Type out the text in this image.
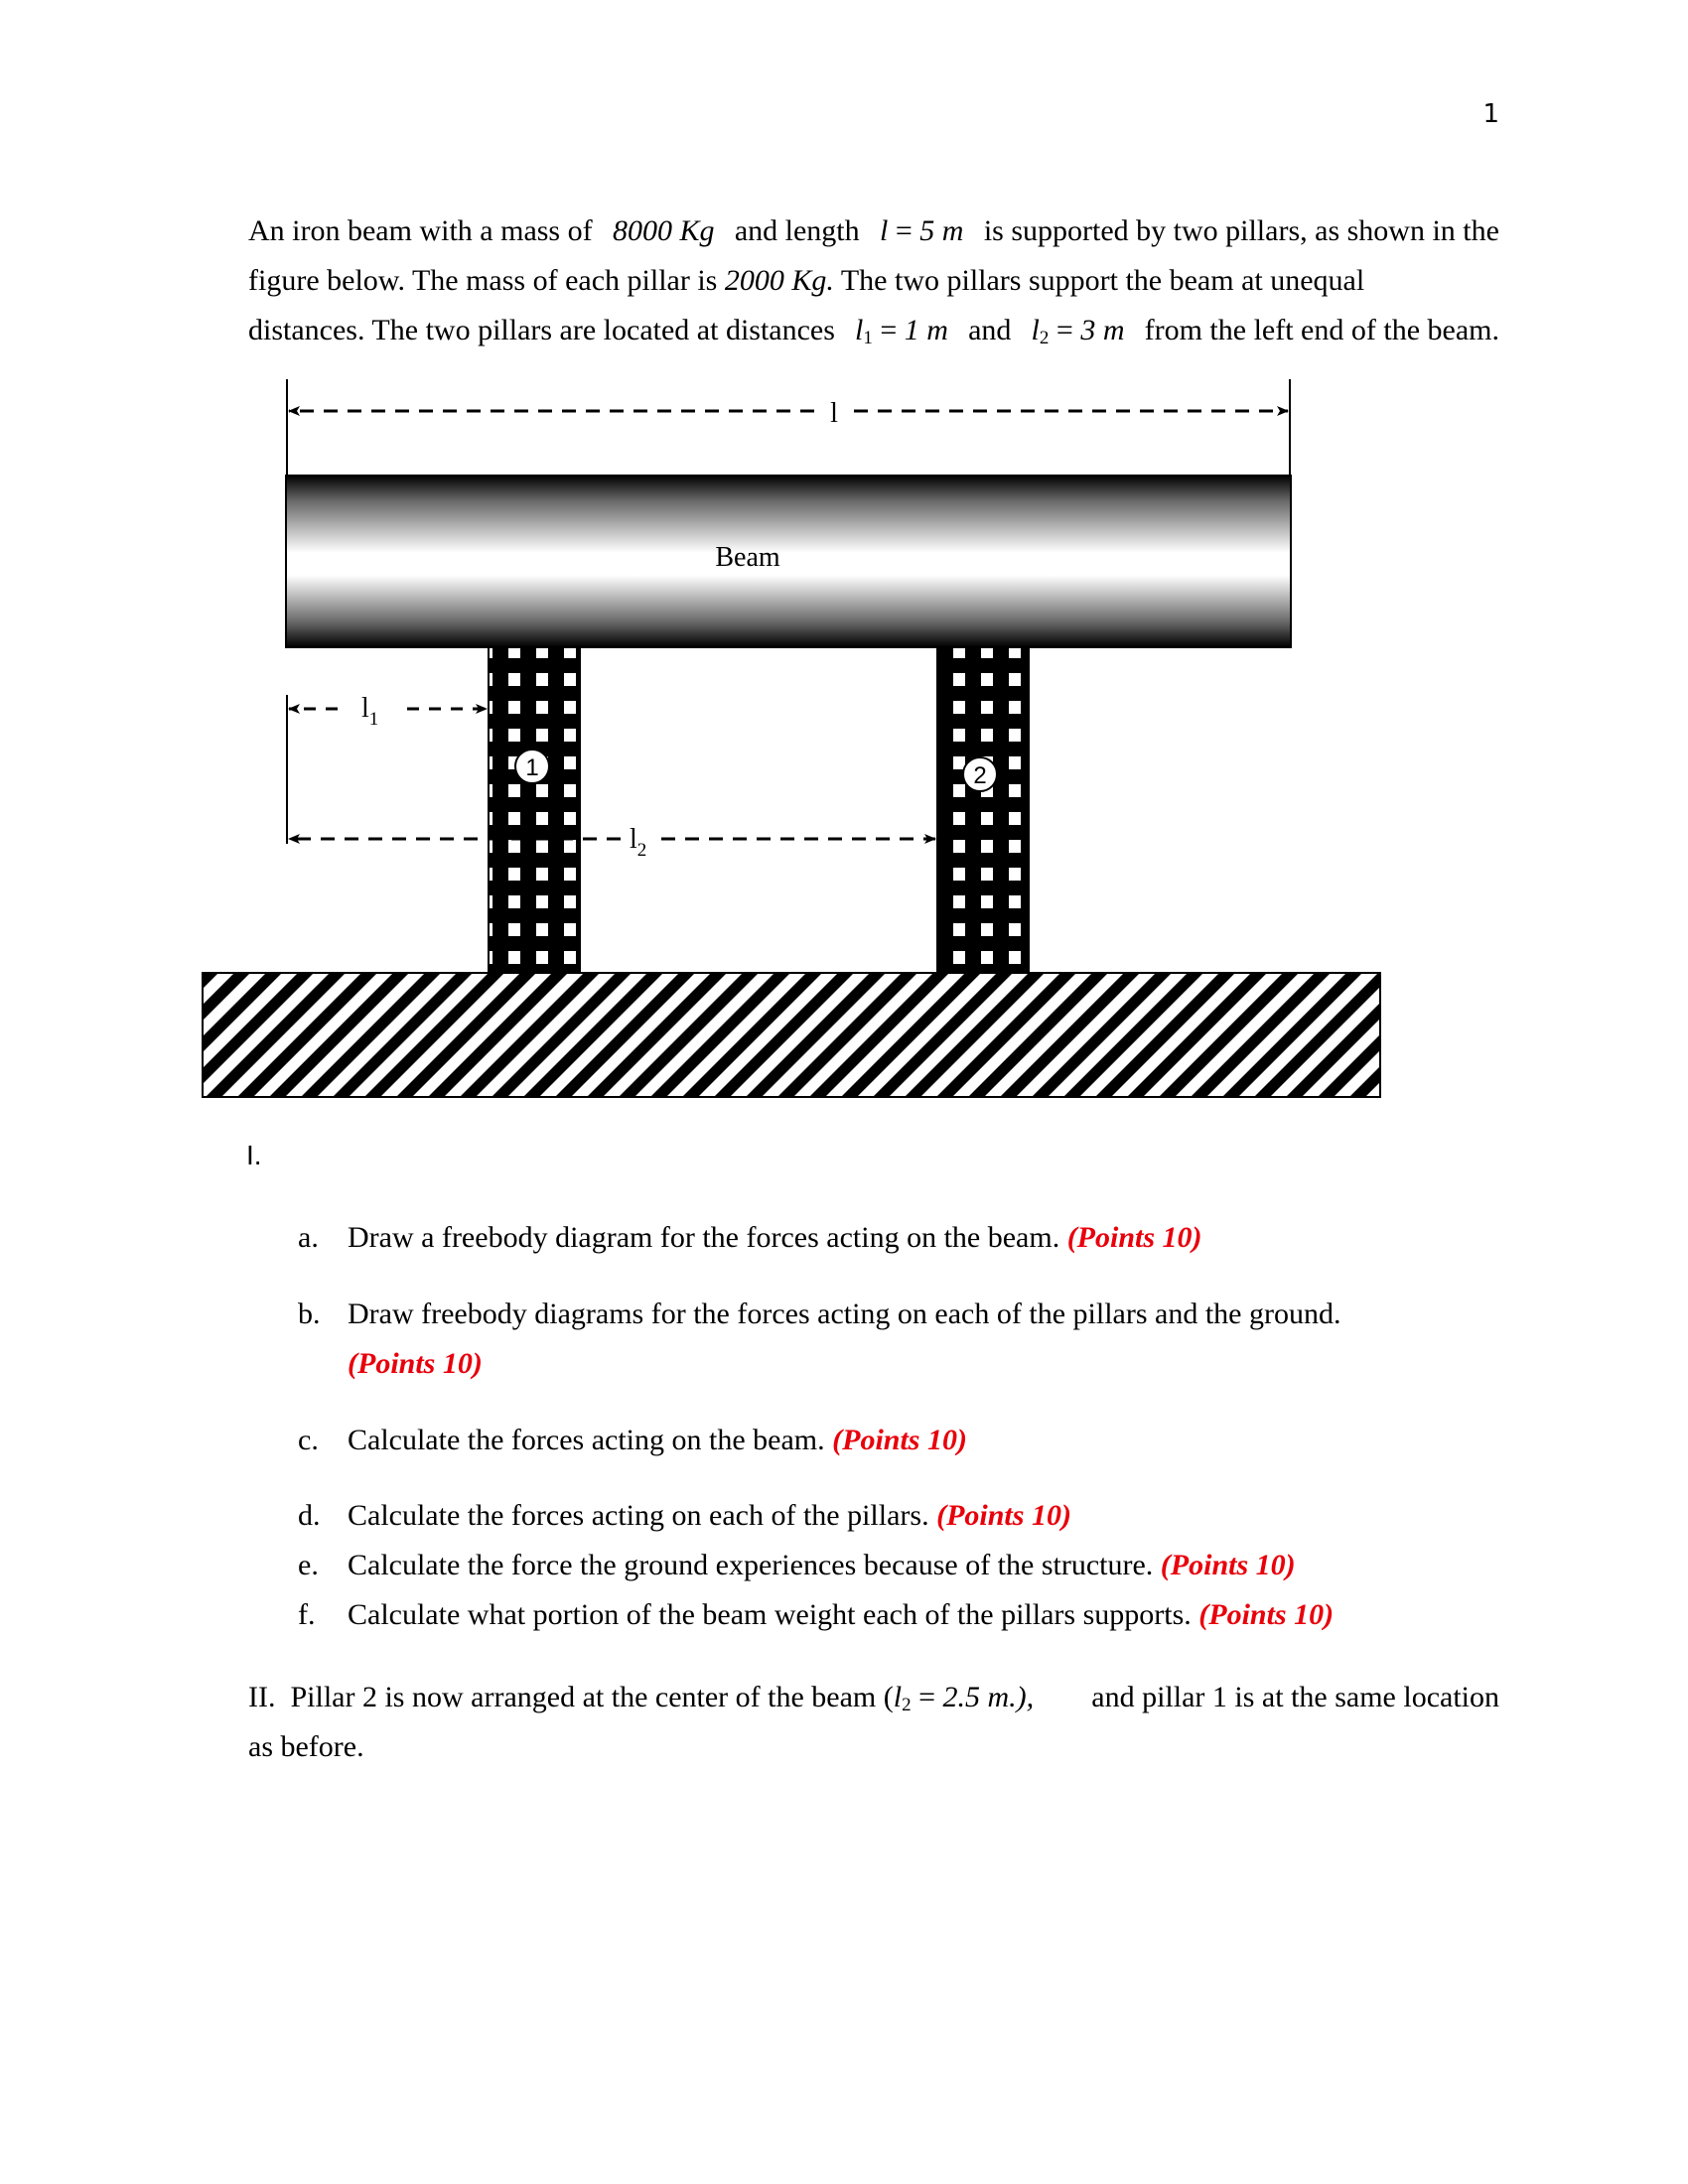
1
An iron beam with a mass of 8000 Kg and length l = 5 m is supported by two pillars, as shown in the
figure below. The mass of each pillar is 2000 Kg. The two pillars support the beam at unequal
distances. The two pillars are located at distances $l_1 = 1$ m and $l_2 = 3$ m from the left end of the beam.
l
Beam
1	2
$l_1$
$l_2$
I.
a. Draw a freebody diagram for the forces acting on the beam. (Points 10)
b. Draw freebody diagrams for the forces acting on each of the pillars and the ground.
(Points 10)
c. Calculate the forces acting on the beam. (Points 10)
d. Calculate the forces acting on each of the pillars. (Points 10)
e. Calculate the force the ground experiences because of the structure. (Points 10)
f. Calculate what portion of the beam weight each of the pillars supports. (Points 10)
II.  Pillar 2 is now arranged at the center of the beam ($l_2 = 2.5$ m.), and pillar 1 is at the same location
as before.
